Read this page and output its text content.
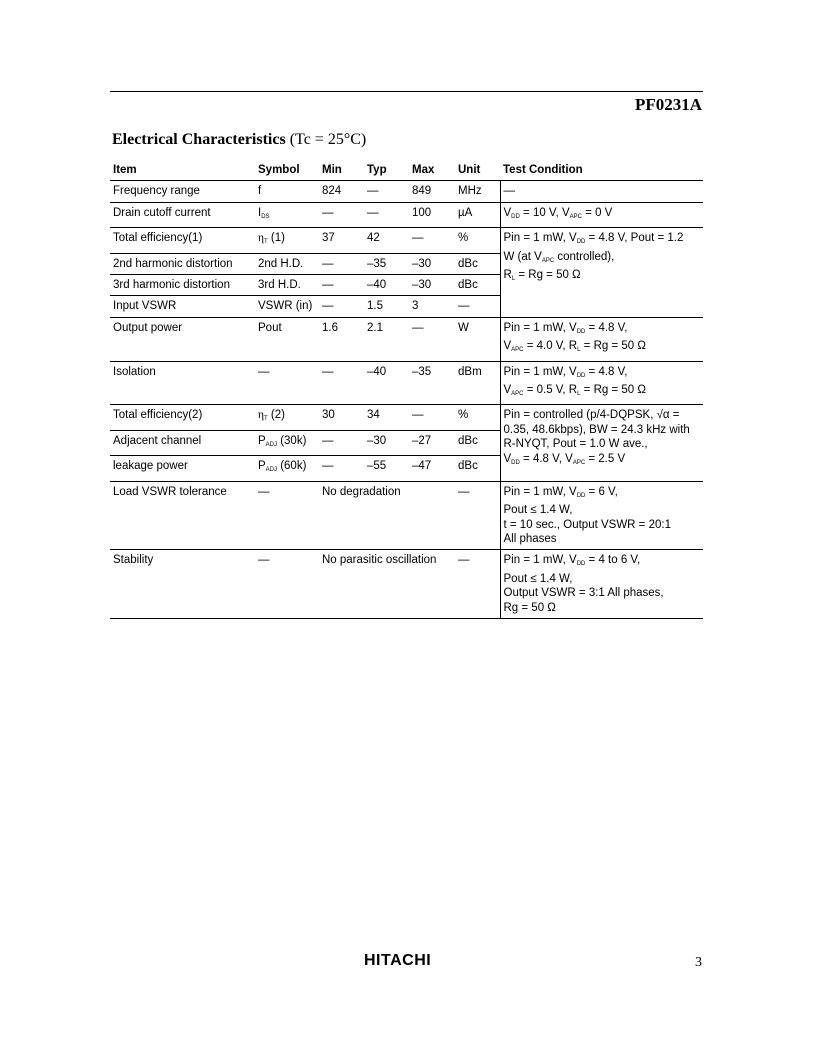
PF0231A
Electrical Characteristics (Tc = 25°C)
Item	Symbol	Min	Typ	Max	Unit	Test Condition
Frequency range	f	824	—	849	MHz	—
Drain cutoff current	$I_{DS}$	—	—	100	µA	$V_{DD} = 10$ V, $V_{APC} = 0$ V
Total efficiency(1)	$\eta_T$ (1)	37	42	—	%	Pin = 1 mW, $V_{DD} = 4.8$ V, Pout = 1.2
W (at $V_{APC}$ controlled),
$R_L = Rg = 50$ Ω

2nd harmonic distortion	2nd H.D.	—	–35	–30	dBc	
3rd harmonic distortion	3rd H.D.	—	–40	–30	dBc	
Input VSWR	VSWR (in)	—	1.5	3	—	
Output power	Pout	1.6	2.1	—	W	Pin = 1 mW, $V_{DD} = 4.8$ V,
$V_{APC} = 4.0$ V, $R_L = Rg = 50$ Ω

Isolation	—	—	–40	–35	dBm	Pin = 1 mW, $V_{DD} = 4.8$ V,
$V_{APC} = 0.5$ V, $R_L = Rg = 50$ Ω

Total efficiency(2)	$\eta_T$ (2)	30	34	—	%	Pin = controlled (p/4-DQPSK, √α =
0.35, 48.6kbps), BW = 24.3 kHz with
R-NYQT, Pout = 1.0 W ave.,
$V_{DD} = 4.8$ V, $V_{APC} = 2.5$ V

Adjacent channel	$P_{ADJ}$ (30k)	—	–30	–27	dBc	
leakage power	$P_{ADJ}$ (60k)	—	–55	–47	dBc	
Load VSWR tolerance	—	No degradation			—	Pin = 1 mW, $V_{DD} = 6$ V,
Pout ≤ 1.4 W,
t = 10 sec., Output VSWR = 20:1
All phases

Stability	—	No parasitic oscillation			—	Pin = 1 mW, $V_{DD} = 4$ to 6 V,
Pout ≤ 1.4 W,
Output VSWR = 3:1 All phases,
Rg = 50 Ω
HITACHI	3
